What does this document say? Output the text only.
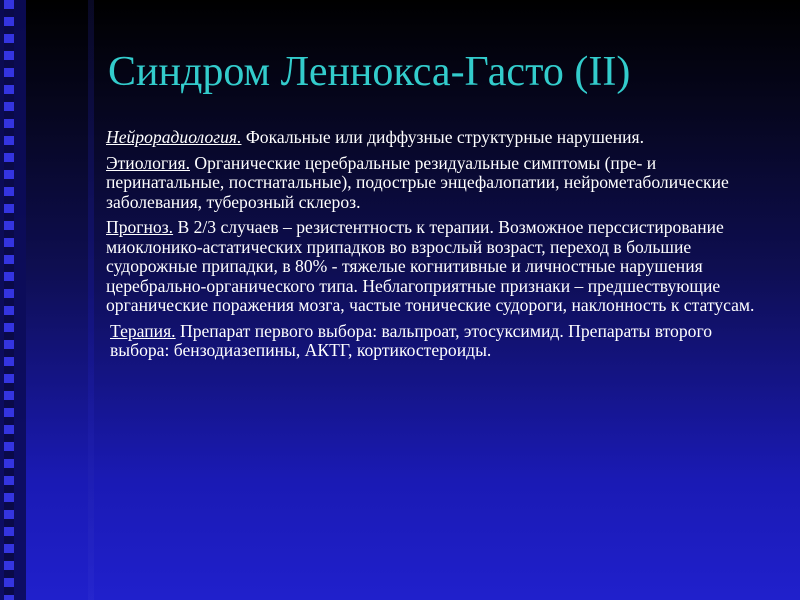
Синдром Леннокса-Гасто (II)

Нейрорадиология. Фокальные или диффузные структурные нарушения.

Этиология. Органические церебральные резидуальные симптомы (пре- и перинатальные, постнатальные), подострые энцефалопатии, нейрометаболические заболевания, туберозный склероз.

Прогноз. В 2/3 случаев – резистентность к терапии. Возможное перссистирование миоклонико-астатических припадков во взрослый возраст, переход в большие судорожные припадки, в 80% - тяжелые когнитивные и личностные нарушения церебрально-органического типа. Неблагоприятные признаки – предшествующие органические поражения мозга, частые тонические судороги, наклонность к статусам.

Терапия. Препарат первого выбора: вальпроат, этосуксимид. Препараты второго выбора: бензодиазепины, АКТГ, кортикостероиды.
